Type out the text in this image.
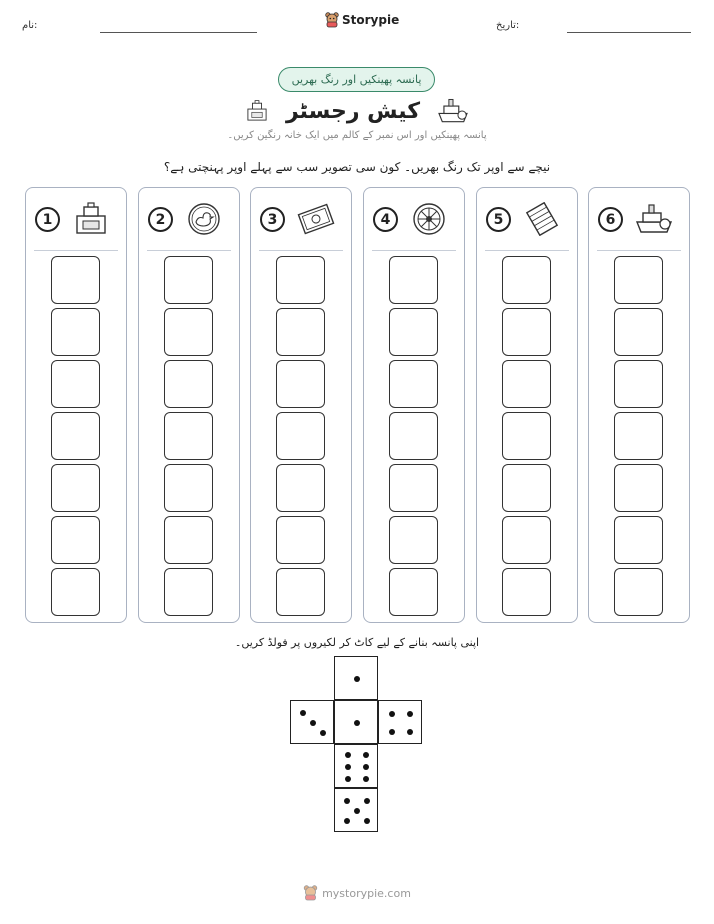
نام:	Storypie	تاریخ:
پانسہ پھینکیں اور رنگ بھریں
کیش رجسٹر
پانسہ پھینکیں اور اس نمبر کے کالم میں ایک خانہ رنگین کریں۔
نیچے سے اوپر تک رنگ بھریں۔ کون سی تصویر سب سے پہلے اوپر پہنچتی ہے؟
1	2	3	4	5	6
اپنی پانسہ بنانے کے لیے کاٹ کر لکیروں پر فولڈ کریں۔
mystorypie.com
